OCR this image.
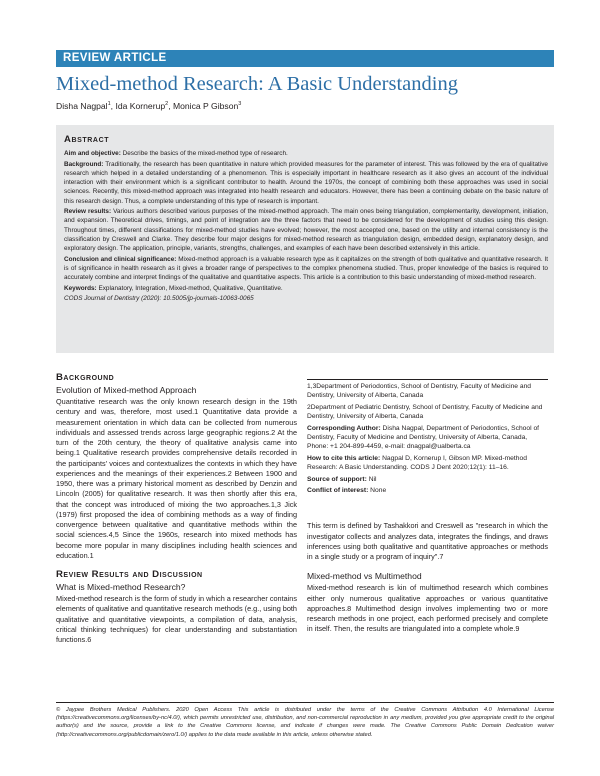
REVIEW ARTICLE
Mixed-method Research: A Basic Understanding
Disha Nagpal$^1$, Ida Kornerup$^2$, Monica P Gibson$^3$
Abstract

Aim and objective: Describe the basics of the mixed-method type of research.

Background: Traditionally, the research has been quantitative in nature which provided measures for the parameter of interest. This was followed by the era of qualitative research which helped in a detailed understanding of a phenomenon. This is especially important in healthcare research as it also gives an account of the individual interaction with their environment which is a significant contributor to health. Around the 1970s, the concept of combining both these approaches was used in social sciences. Recently, this mixed-method approach was integrated into health research and educators. However, there has been a continuing debate on the basic nature of this research design. Thus, a complete understanding of this type of research is important.

Review results: Various authors described various purposes of the mixed-method approach. The main ones being triangulation, complementarity, development, initiation, and expansion. Theoretical drives, timings, and point of integration are the three factors that need to be considered for the development of studies using this design. Throughout times, different classifications for mixed-method studies have evolved; however, the most accepted one, based on the utility and internal consistency is the classification by Creswell and Clarke. They describe four major designs for mixed-method research as triangulation design, embedded design, explanatory design, and exploratory design. The application, principle, variants, strengths, challenges, and examples of each have been described extensively in this article.

Conclusion and clinical significance: Mixed-method approach is a valuable research type as it capitalizes on the strength of both qualitative and quantitative research. It is of significance in health research as it gives a broader range of perspectives to the complex phenomena studied. Thus, proper knowledge of the basics is required to accurately combine and interpret findings of the qualitative and quantitative aspects. This article is a contribution to this basic understanding of mixed-method research.

Keywords: Explanatory, Integration, Mixed-method, Qualitative, Quantitative.

CODS Journal of Dentistry (2020): 10.5005/jp-journals-10063-0065
Background
Evolution of Mixed-method Approach

Quantitative research was the only known research design in the 19th century and was, therefore, most used.1 Quantitative data provide a measurement orientation in which data can be collected from numerous individuals and assessed trends across large geographic regions.2 At the turn of the 20th century, the theory of qualitative analysis came into being.1 Qualitative research provides comprehensive details recorded in the participants' voices and contextualizes the contexts in which they have experiences and the meanings of their experiences.2 Between 1900 and 1950, there was a primary historical moment as described by Denzin and Lincoln (2005) for qualitative research. It was then shortly after this era, that the concept was introduced of mixing the two approaches.1,3 Jick (1979) first proposed the idea of combining methods as a way of finding convergence between qualitative and quantitative methods within the social sciences.4,5 Since the 1960s, research into mixed methods has become more popular in many disciplines including health sciences and education.1

Review Results and Discussion
What is Mixed-method Research?

Mixed-method research is the form of study in which a researcher contains elements of qualitative and quantitative research methods (e.g., using both qualitative and quantitative viewpoints, a compilation of data, analysis, critical thinking techniques) for clear understanding and substantiation functions.6

1,3Department of Periodontics, School of Dentistry, Faculty of Medicine and Dentistry, University of Alberta, Canada

2Department of Pediatric Dentistry, School of Dentistry, Faculty of Medicine and Dentistry, University of Alberta, Canada

Corresponding Author: Disha Nagpal, Department of Periodontics, School of Dentistry, Faculty of Medicine and Dentistry, University of Alberta, Canada, Phone: +1 204-899-4459, e-mail: dnagpal@ualberta.ca

How to cite this article: Nagpal D, Kornerup I, Gibson MP. Mixed-method Research: A Basic Understanding. CODS J Dent 2020;12(1): 11–16.

Source of support: Nil

Conflict of interest: None

This term is defined by Tashakkori and Creswell as "research in which the investigator collects and analyzes data, integrates the findings, and draws inferences using both qualitative and quantitative approaches or methods in a single study or a program of inquiry".7

Mixed-method vs Multimethod

Mixed-method research is kin of multimethod research which combines either only numerous qualitative approaches or various quantitative approaches.8 Multimethod design involves implementing two or more research methods in one project, each performed precisely and complete in itself. Then, the results are triangulated into a complete whole.9

© Jaypee Brothers Medical Publishers. 2020 Open Access This article is distributed under the terms of the Creative Commons Attribution 4.0 International License (https://creativecommons.org/licenses/by-nc/4.0/), which permits unrestricted use, distribution, and non-commercial reproduction in any medium, provided you give appropriate credit to the original author(s) and the source, provide a link to the Creative Commons license, and indicate if changes were made. The Creative Commons Public Domain Dedication waiver (http://creativecommons.org/publicdomain/zero/1.0/) applies to the data made available in this article, unless otherwise stated.
